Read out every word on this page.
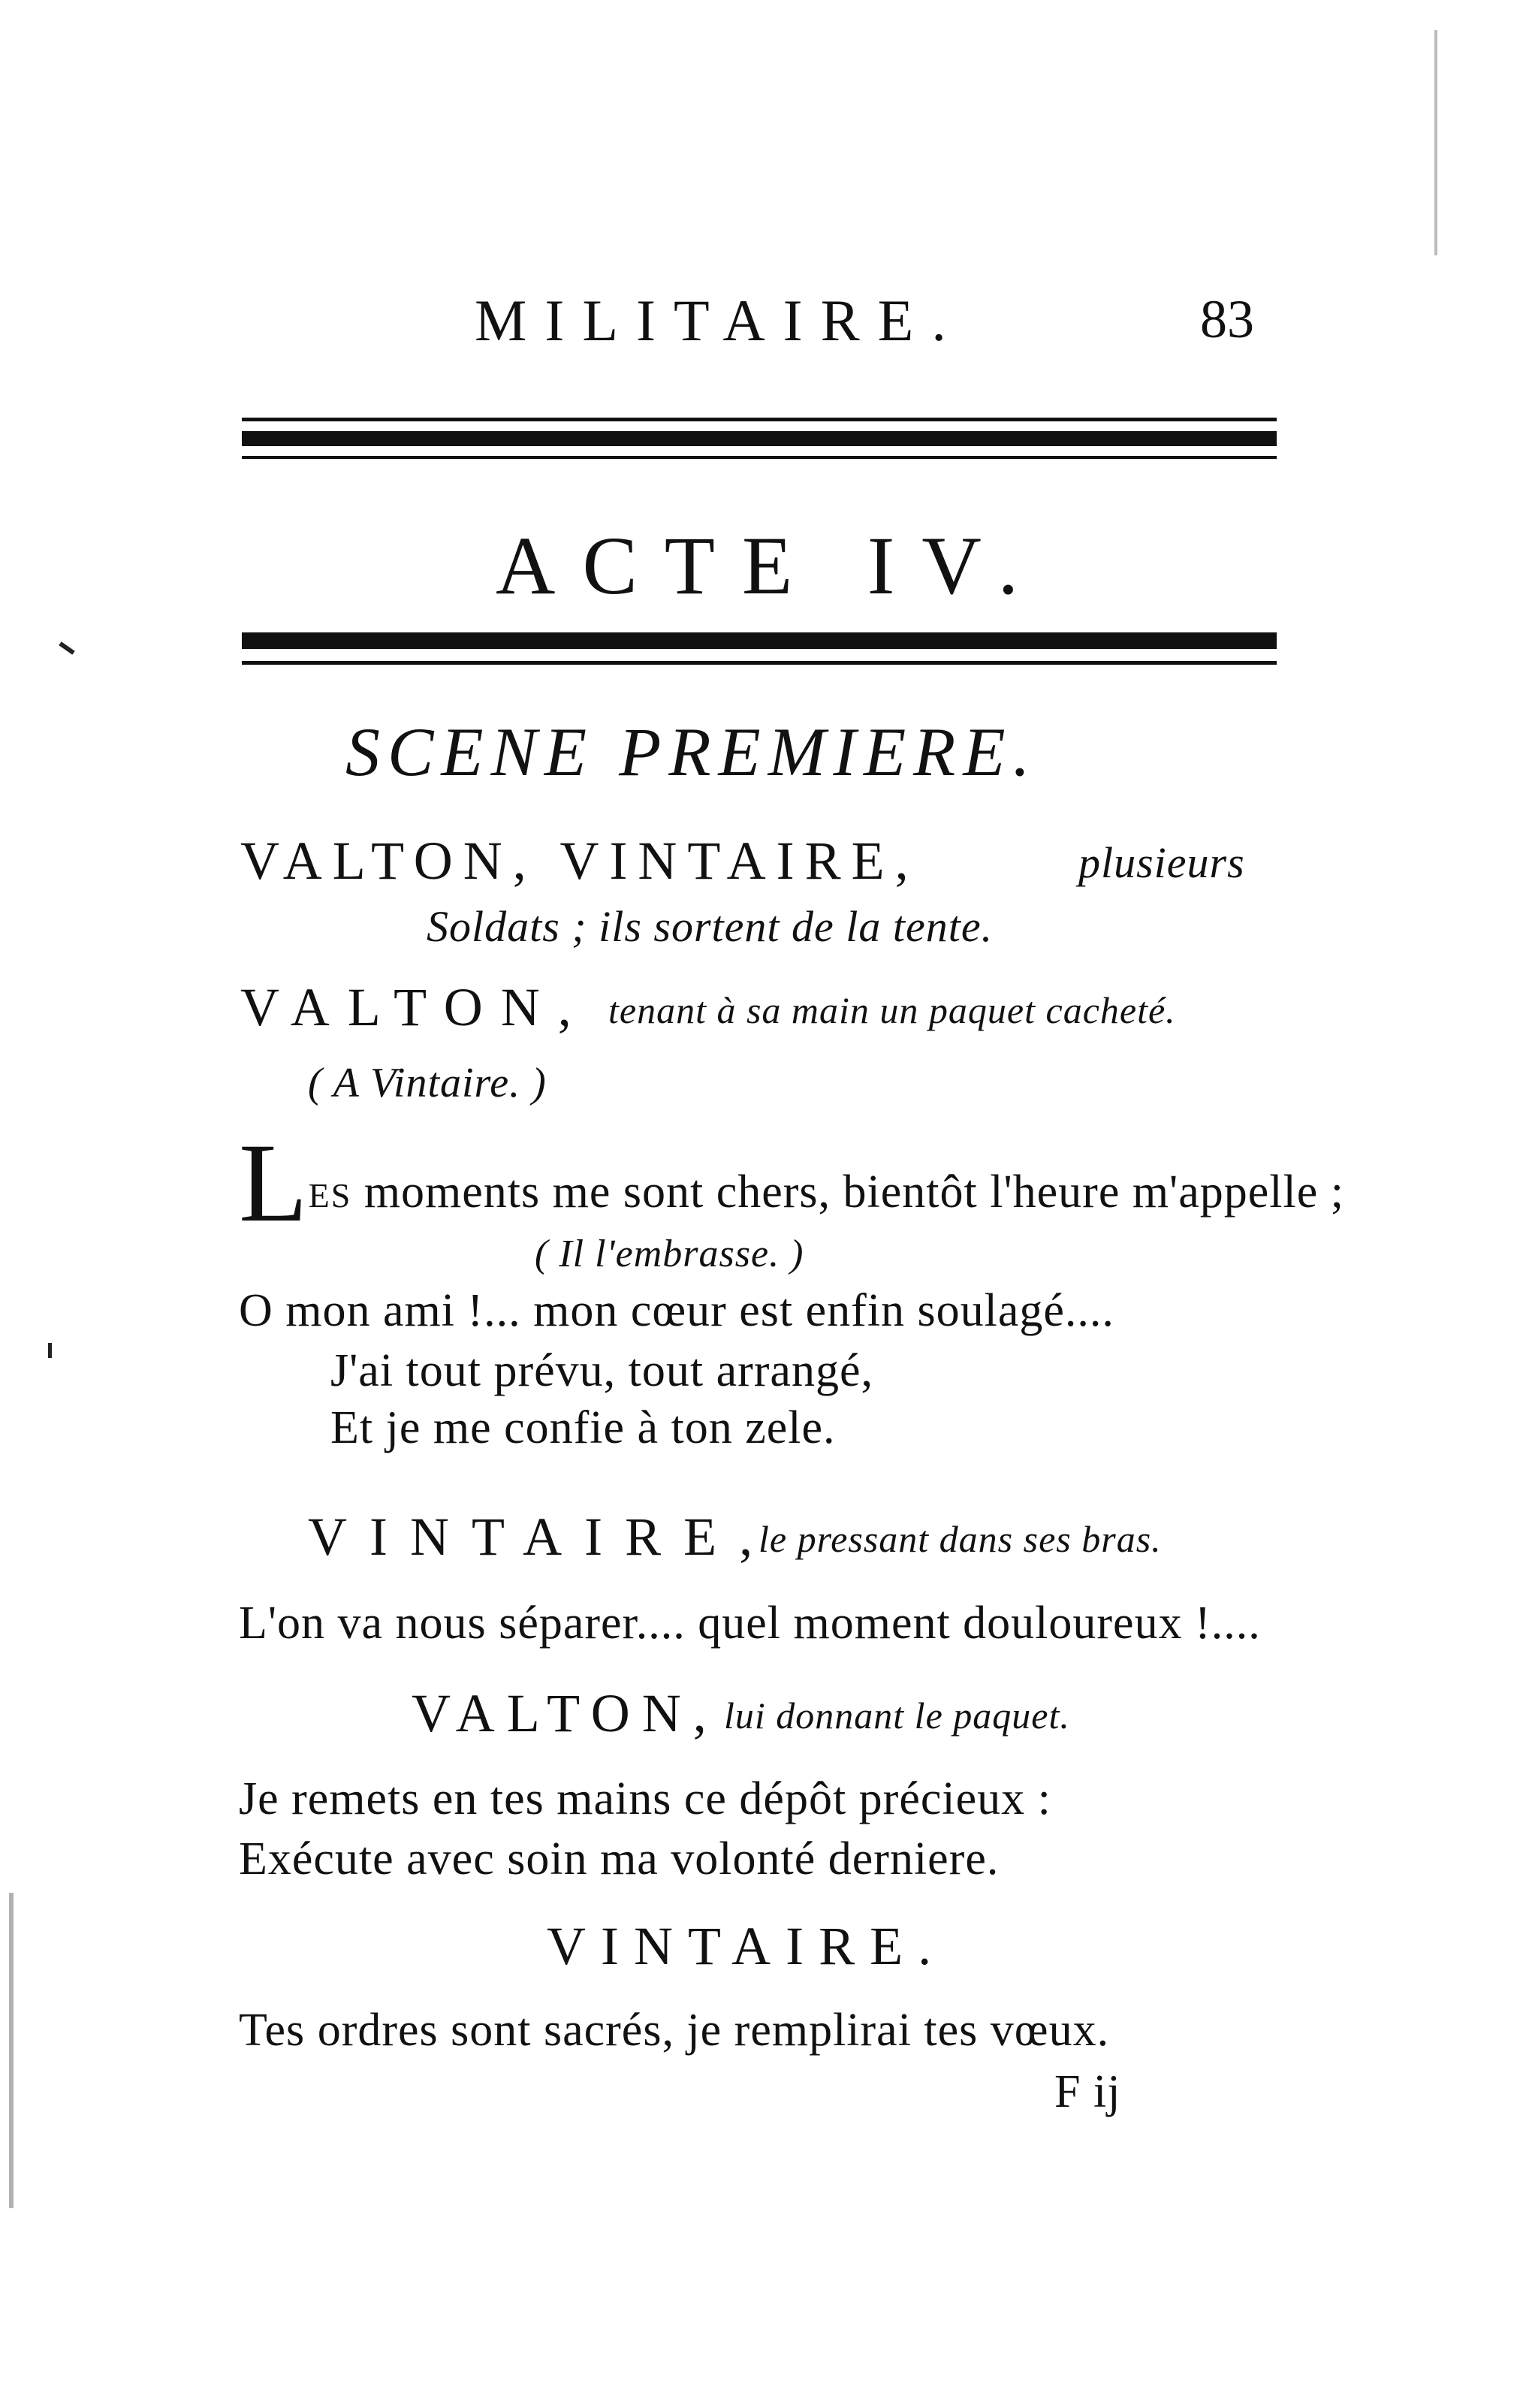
MILITAIRE.	83
ACTE IV.
SCENE PREMIERE.
VALTON, VINTAIRE,	plusieurs
Soldats ; ils sortent de la tente.
VALTON, tenant à sa main un paquet cacheté.
( A Vintaire. )
LES moments me sont chers, bientôt l'heure m'appelle ;
( Il l'embrasse. )
O mon ami !... mon cœur est enfin soulagé....
J'ai tout prévu, tout arrangé,
Et je me confie à ton zele.
VINTAIRE,
le pressant dans ses bras.
L'on va nous séparer.... quel moment douloureux !....
VALTON, lui donnant le paquet.
Je remets en tes mains ce dépôt précieux :
Exécute avec soin ma volonté derniere.
VINTAIRE.
Tes ordres sont sacrés, je remplirai tes vœux.
F ij
